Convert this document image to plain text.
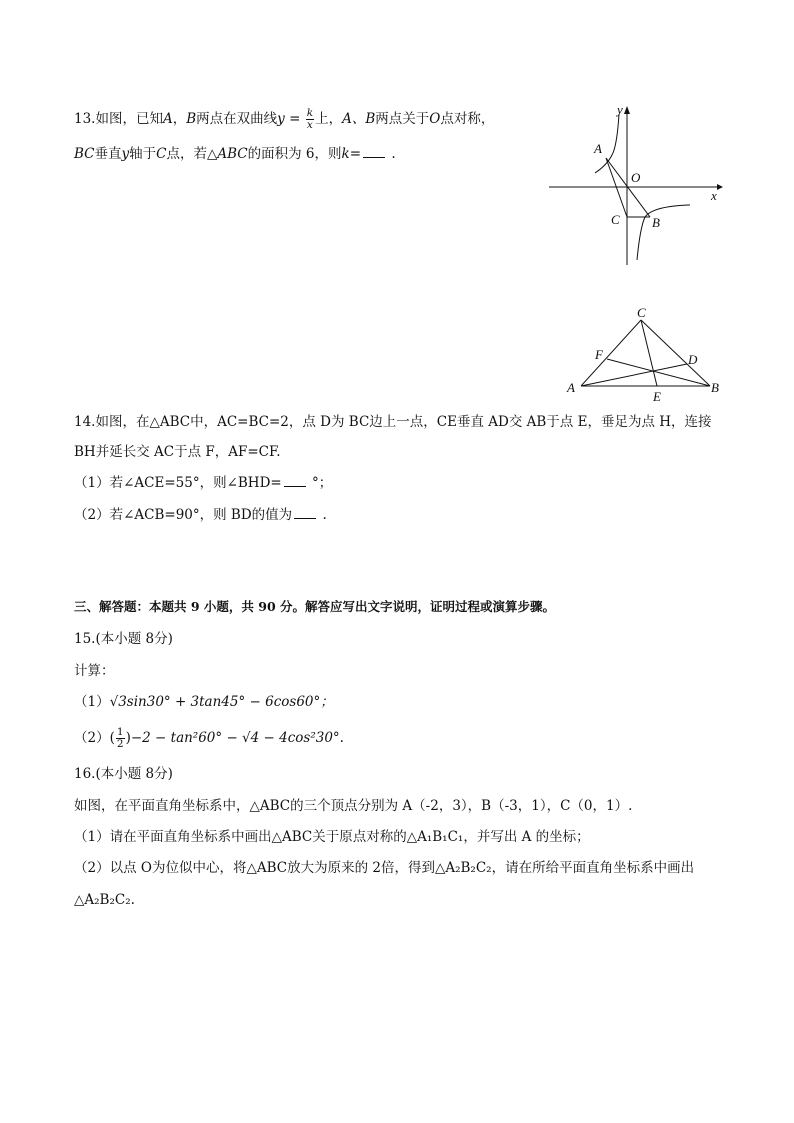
13.如图，已知A，B两点在双曲线$y = \frac{k}{x}$ 上，A、B两点关于O点对称，
BC垂直y轴于C点，若△ABC的面积为 6，则k= .
y
x
O
A
C B
C
F	D
A
E
B
14.如图，在△ABC中，AC=BC=2，点 D为 BC边上一点，CE垂直 AD交 AB于点 E，垂足为点 H，连接
BH并延长交 AC于点 F，AF=CF.
（1）若∠ACE=55°，则∠BHD= °；
（2）若∠ACB=90°，则 BD的值为 .
三、解答题：本题共 9 小题，共 90 分。解答应写出文字说明，证明过程或演算步骤。
15.(本小题 8分)
计算：
（1）√3sin30° + 3tan45° − 6cos60°；
$(2)( \frac{1}{2} )-2 - \tan^260^\circ - √4 - 4\cos^230^\circ$.
16.(本小题 8分)
如图，在平面直角坐标系中，△ABC的三个顶点分别为 A（-2，3），B（-3，1），C（0，1）.
（1）请在平面直角坐标系中画出△ABC关于原点对称的△A₁B₁C₁，并写出 A 的坐标；
（2）以点 O为位似中心，将△ABC放大为原来的 2倍，得到△A₂B₂C₂，请在所给平面直角坐标系中画出
△A₂B₂C₂.
